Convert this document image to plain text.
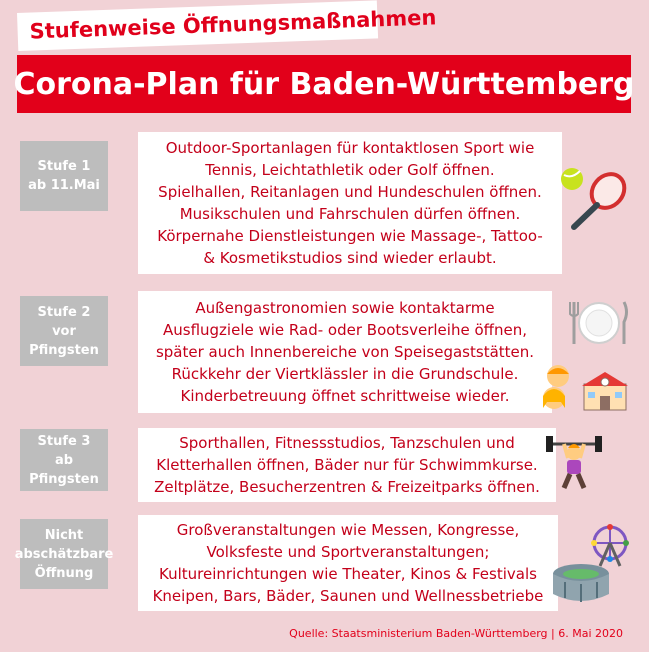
Stufenweise Öffnungsmaßnahmen
Corona-Plan für Baden-Württemberg
Stufe 1
ab 11.Mai
Outdoor-Sportanlagen für kontaktlosen Sport wie
Tennis, Leichtathletik oder Golf öffnen.
Spielhallen, Reitanlagen und Hundeschulen öffnen.
Musikschulen und Fahrschulen dürfen öffnen.
Körpernahe Dienstleistungen wie Massage-, Tattoo-
& Kosmetikstudios sind wieder erlaubt.
Stufe 2
vor Pfingsten
Außengastronomien sowie kontaktarme
Ausflugziele wie Rad- oder Bootsverleihe öffnen,
später auch Innenbereiche von Speisegaststätten.
Rückkehr der Viertklässler in die Grundschule.
Kinderbetreuung öffnet schrittweise wieder.
Stufe 3
ab Pfingsten
Sporthallen, Fitnessstudios, Tanzschulen und
Kletterhallen öffnen, Bäder nur für Schwimmkurse.
Zeltplätze, Besucherzentren & Freizeitparks öffnen.
Nicht
abschätzbare
Öffnung
Großveranstaltungen wie Messen, Kongresse,
Volksfeste und Sportveranstaltungen;
Kultureinrichtungen wie Theater, Kinos & Festivals
Kneipen, Bars, Bäder, Saunen und Wellnessbetriebe
Quelle: Staatsministerium Baden-Württemberg | 6. Mai 2020
